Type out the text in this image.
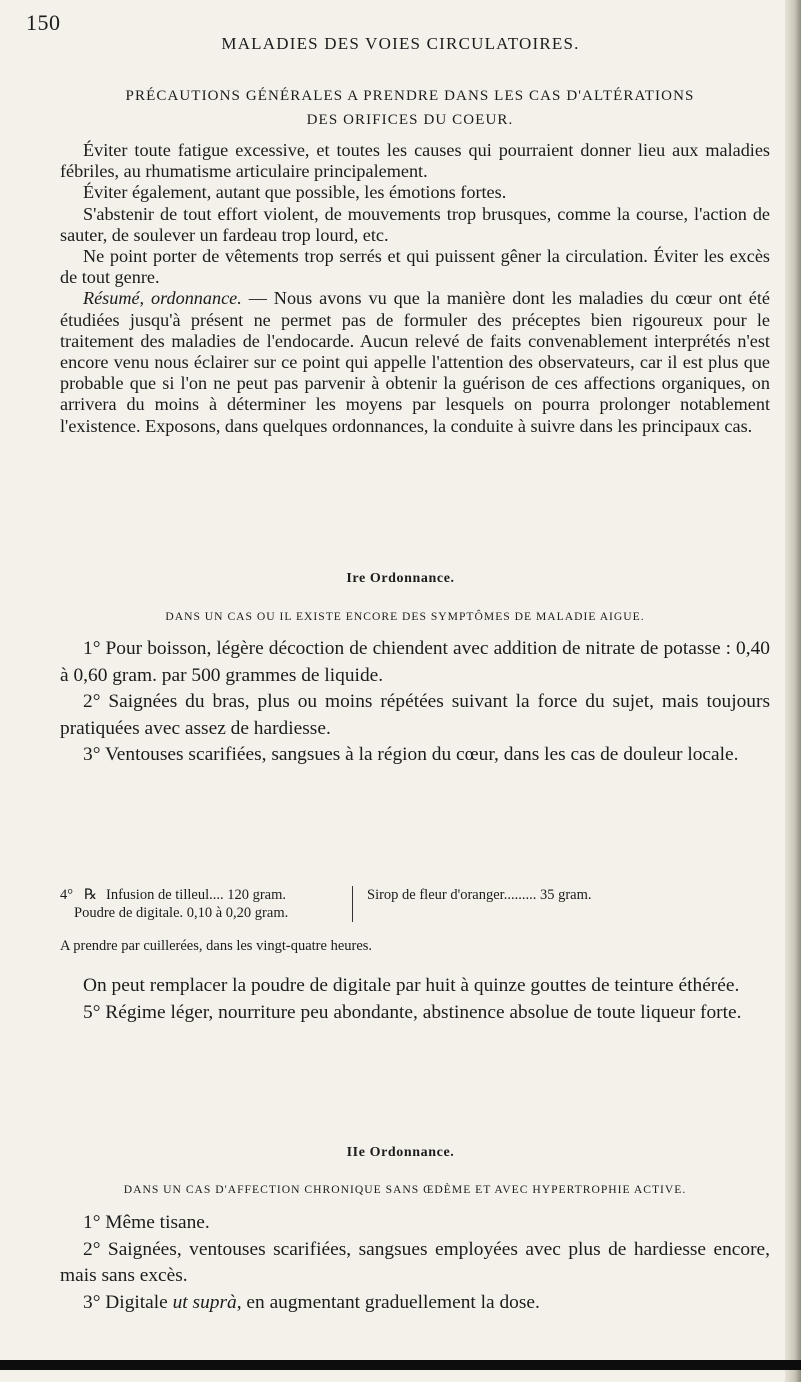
150
MALADIES DES VOIES CIRCULATOIRES.
PRÉCAUTIONS GÉNÉRALES A PRENDRE DANS LES CAS D'ALTÉRATIONS
DES ORIFICES DU COEUR.

Éviter toute fatigue excessive, et toutes les causes qui pourraient donner lieu aux maladies fébriles, au rhumatisme articulaire principalement.

Éviter également, autant que possible, les émotions fortes.

S'abstenir de tout effort violent, de mouvements trop brusques, comme la course, l'action de sauter, de soulever un fardeau trop lourd, etc.

Ne point porter de vêtements trop serrés et qui puissent gêner la circulation. Éviter les excès de tout genre.

Résumé, ordonnance. — Nous avons vu que la manière dont les maladies du cœur ont été étudiées jusqu'à présent ne permet pas de formuler des préceptes bien rigoureux pour le traitement des maladies de l'endocarde. Aucun relevé de faits convenablement interprétés n'est encore venu nous éclairer sur ce point qui appelle l'attention des observateurs, car il est plus que probable que si l'on ne peut pas parvenir à obtenir la guérison de ces affections organiques, on arrivera du moins à déterminer les moyens par lesquels on pourra prolonger notablement l'existence. Exposons, dans quelques ordonnances, la conduite à suivre dans les principaux cas.

Ire Ordonnance.
DANS UN CAS OU IL EXISTE ENCORE DES SYMPTÔMES DE MALADIE AIGUE.

1° Pour boisson, légère décoction de chiendent avec addition de nitrate de potasse : 0,40 à 0,60 gram. par 500 grammes de liquide.

2° Saignées du bras, plus ou moins répétées suivant la force du sujet, mais toujours pratiquées avec assez de hardiesse.

3° Ventouses scarifiées, sangsues à la région du cœur, dans les cas de douleur locale.

4° ℞ Infusion de tilleul.... 120 gram.	Sirop de fleur d'oranger......... 35 gram.
Poudre de digitale. 0,10 à 0,20 gram.
A prendre par cuillerées, dans les vingt-quatre heures.

On peut remplacer la poudre de digitale par huit à quinze gouttes de teinture éthérée.

5° Régime léger, nourriture peu abondante, abstinence absolue de toute liqueur forte.

IIe Ordonnance.
DANS UN CAS D'AFFECTION CHRONIQUE SANS ŒDÈME ET AVEC HYPERTROPHIE ACTIVE.

1° Même tisane.

2° Saignées, ventouses scarifiées, sangsues employées avec plus de hardiesse encore, mais sans excès.

3° Digitale ut suprà, en augmentant graduellement la dose.
